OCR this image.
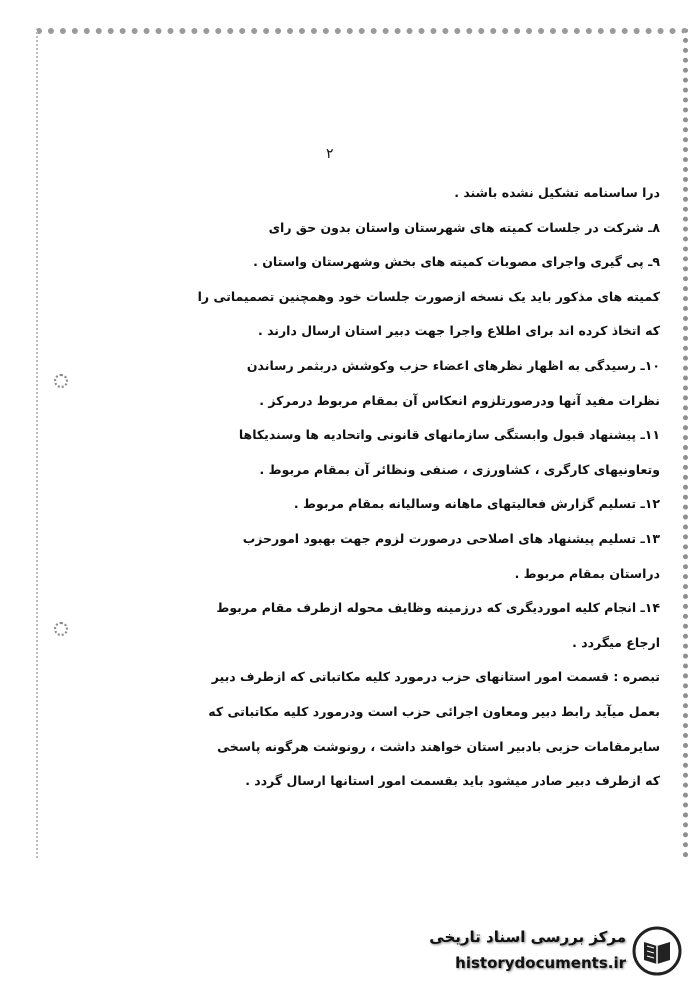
۲
درا ساسنامه تشکیل نشده باشند .
۸ـ شرکت در جلسات کمیته های شهرستان واستان بدون حق رای
۹ـ پی گیری واجرای مصوبات کمیته های بخش وشهرستان واستان .
کمیته های مذکور باید یک نسخه ازصورت جلسات خود وهمچنین تصمیماتی را
که اتخاذ کرده اند برای اطلاع واجرا جهت دبیر استان ارسال دارند .
۱۰ـ رسیدگی به اظهار نظرهای اعضاء حزب وکوشش دربثمر رساندن
نظرات مفید آنها ودرصورتلزوم انعکاس آن بمقام مربوط درمرکز .
۱۱ـ پیشنهاد قبول وابستگی سازمانهای قانونی واتحادیه ها وسندیکاها
وتعاونیهای کارگری ، کشاورزی ، صنفی ونظائر آن بمقام مربوط .
۱۲ـ تسلیم گزارش فعالیتهای ماهانه وسالیانه بمقام مربوط .
۱۳ـ تسلیم پیشنهاد های اصلاحی درصورت لزوم جهت بهبود امورحزب
دراستان بمقام مربوط .
۱۴ـ انجام کلیه اموردیگری که درزمینه وظایف محوله ازطرف مقام مربوط
ارجاع میگردد .
تبصره : قسمت امور استانهای حزب درمورد کلیه مکاتباتی که ازطرف دبیر
بعمل میآید رابط دبیر ومعاون اجرائی حزب است ودرمورد کلیه مکاتباتی که
سایرمقامات حزبی بادبیر استان خواهند داشت ، رونوشت هرگونه پاسخی
که ازطرف دبیر صادر میشود باید بقسمت امور استانها ارسال گردد .
مرکز بررسی اسناد تاریخی
historydocuments.ir
